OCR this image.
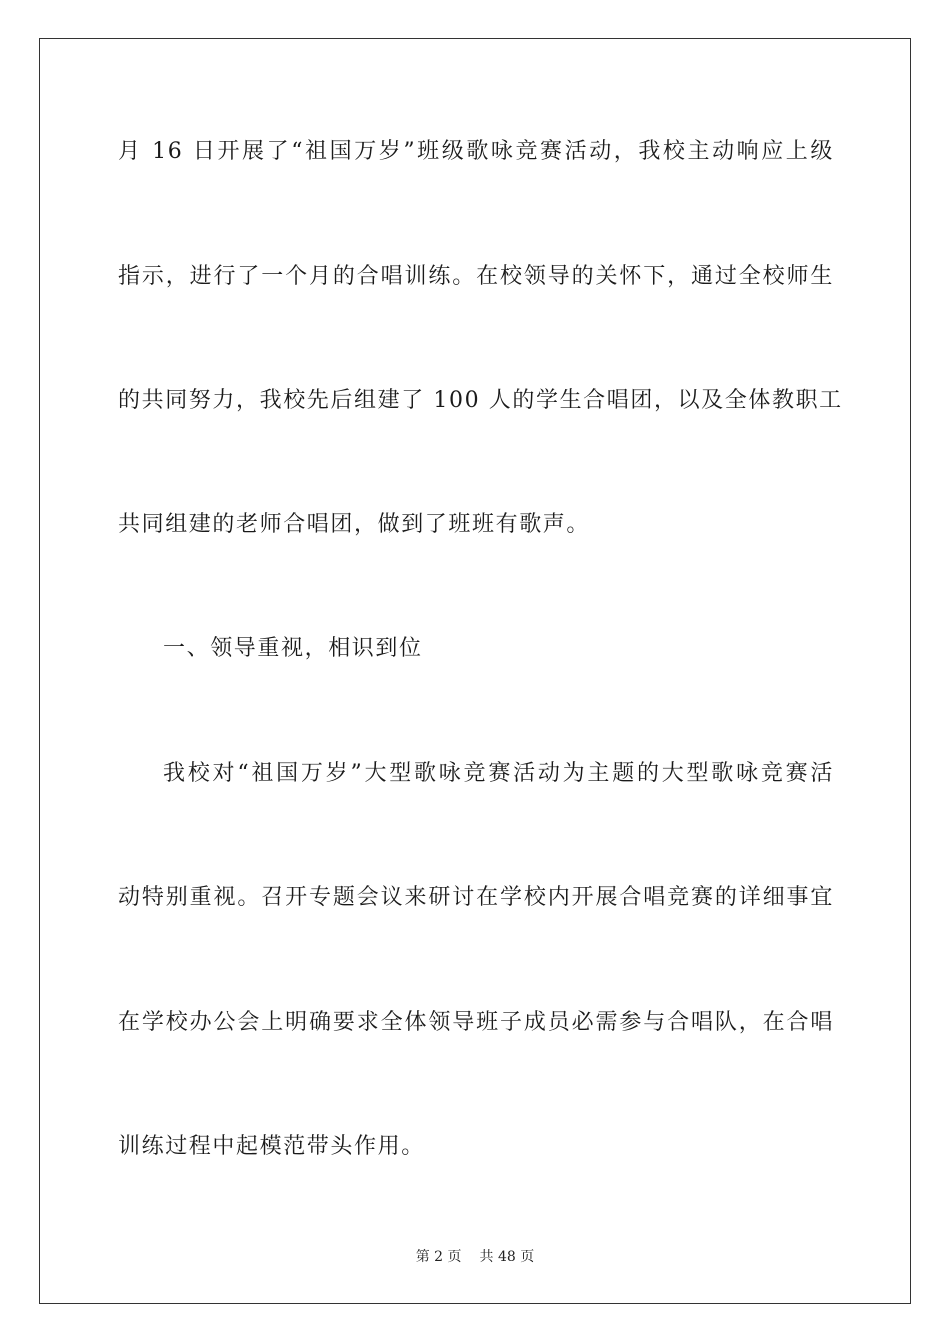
月 16 日开展了“祖国万岁”班级歌咏竞赛活动，我校主动响应上级
指示，进行了一个月的合唱训练。在校领导的关怀下，通过全校师生
的共同努力，我校先后组建了 100 人的学生合唱团，以及全体教职工
共同组建的老师合唱团，做到了班班有歌声。
一、领导重视，相识到位
我校对“祖国万岁”大型歌咏竞赛活动为主题的大型歌咏竞赛活
动特别重视。召开专题会议来研讨在学校内开展合唱竞赛的详细事宜
在学校办公会上明确要求全体领导班子成员必需参与合唱队，在合唱
训练过程中起模范带头作用。
第 2 页 共 48 页
